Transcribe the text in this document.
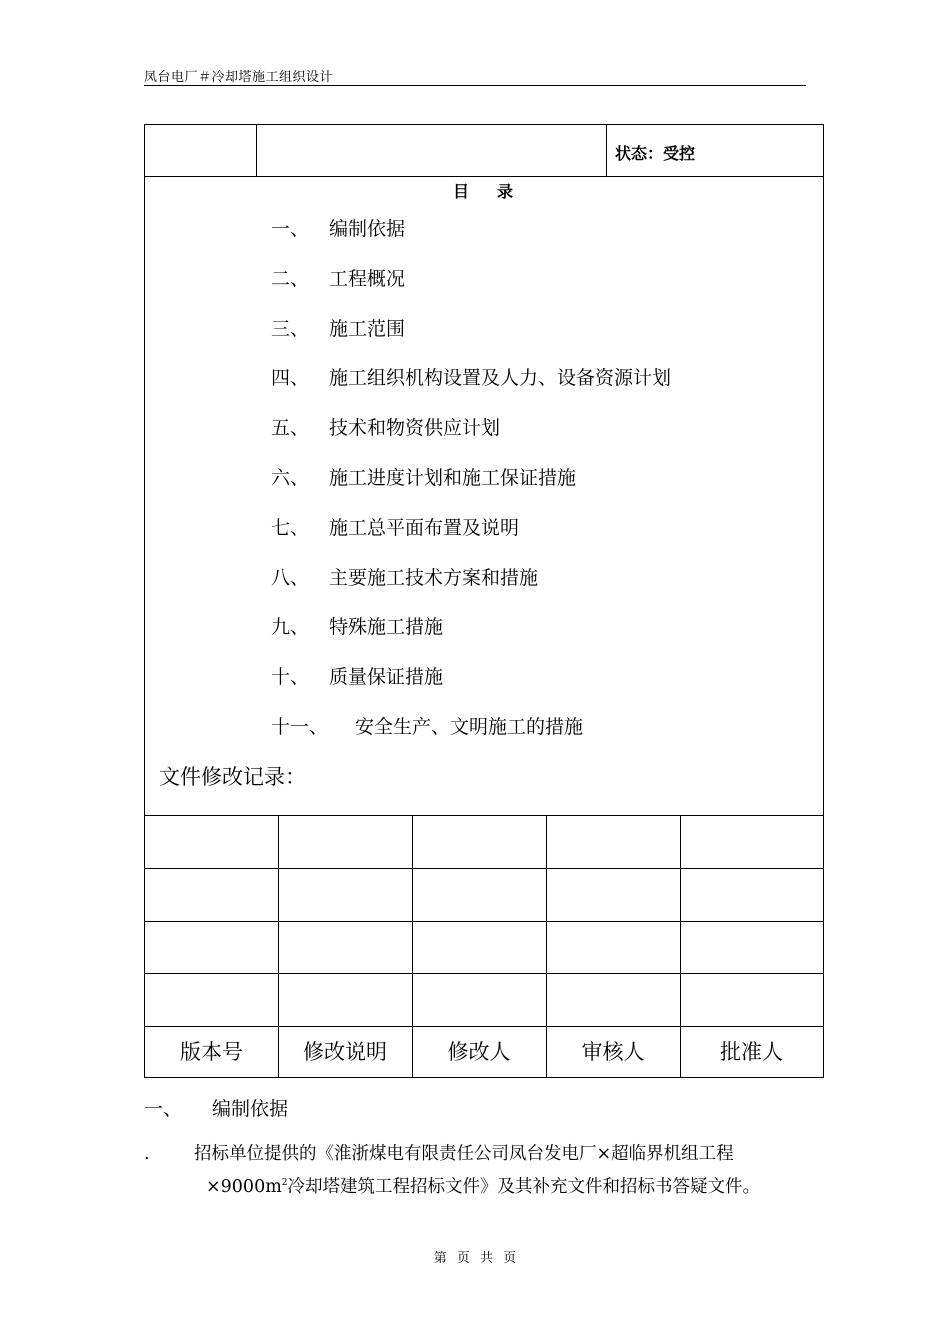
凤台电厂＃冷却塔施工组织设计
状态：受控
目 录
一、 编制依据
二、 工程概况
三、 施工范围
四、 施工组织机构设置及人力、设备资源计划
五、 技术和物资供应计划
六、 施工进度计划和施工保证措施
七、 施工总平面布置及说明
八、 主要施工技术方案和措施
九、 特殊施工措施
十、 质量保证措施
十一、 安全生产、文明施工的措施
文件修改记录：
版本号	修改说明	修改人	审核人	批准人
一、 编制依据
.	招标单位提供的《淮浙煤电有限责任公司凤台发电厂×超临界机组工程
$\times 9000m^2$冷却塔建筑工程招标文件》及其补充文件和招标书答疑文件。
第 页 共 页
